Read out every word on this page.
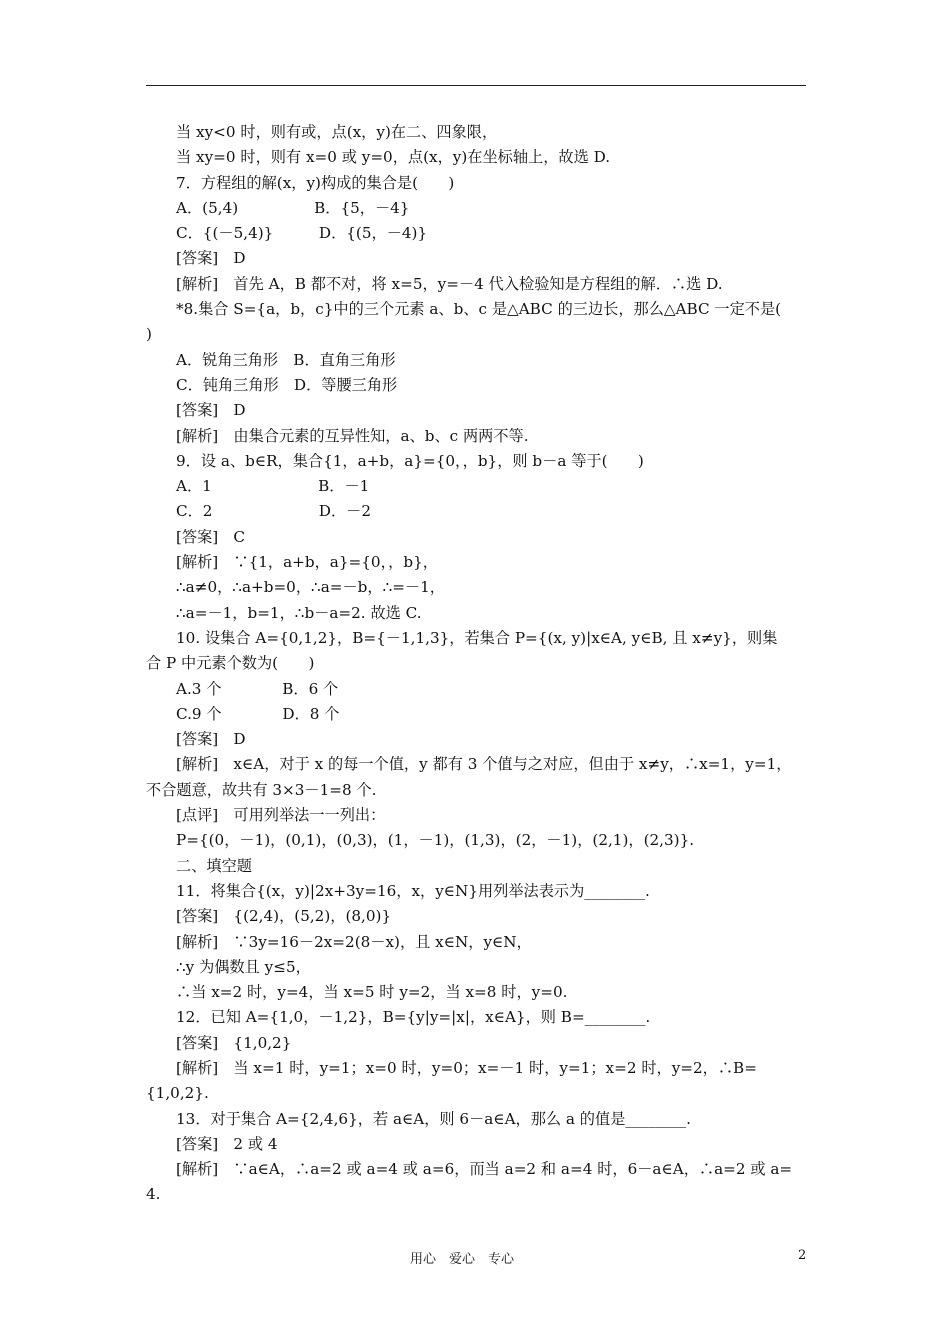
当 xy<0 时，则有或，点(x，y)在二、四象限，
当 xy=0 时，则有 x=0 或 y=0，点(x，y)在坐标轴上，故选 D.
7．方程组的解(x，y)构成的集合是(　　)
A．(5,4)　　　　　B．{5，－4}
C．{(－5,4)}　　　D．{(5，－4)}
[答案]　D
[解析]　首先 A，B 都不对，将 x=5，y=－4 代入检验知是方程组的解．∴选 D.
*8.集合 S={a，b，c}中的三个元素 a、b、c 是△ABC 的三边长，那么△ABC 一定不是(
)
A．锐角三角形　B．直角三角形
C．钝角三角形　D．等腰三角形
[答案]　D
[解析]　由集合元素的互异性知，a、b、c 两两不等.
9．设 a、b∈R，集合{1，a+b，a}={0，，b}，则 b－a 等于(　　)
A．1　　　　　　　B．－1
C．2　　　　　　　D．－2
[答案]　C
[解析]　∵{1，a+b，a}={0，，b}，
∴a≠0，∴a+b=0，∴a=－b，∴=－1，
∴a=－1，b=1，∴b－a=2. 故选 C.
10. 设集合 A={0,1,2}，B={－1,1,3}，若集合 P={(x, y)|x∈A, y∈B, 且 x≠y}，则集
合 P 中元素个数为(　　)
A.3 个　　　　B．6 个
C.9 个　　　　D．8 个
[答案]　D
[解析]　x∈A，对于 x 的每一个值，y 都有 3 个值与之对应，但由于 x≠y，∴x=1，y=1，
不合题意，故共有 3×3－1=8 个.
[点评]　可用列举法一一列出：
P={(0，－1)，(0,1)，(0,3)，(1，－1)，(1,3)，(2，－1)，(2,1)，(2,3)}.
二、填空题
11．将集合{(x，y)|2x+3y=16，x，y∈N}用列举法表示为________.
[答案]　{(2,4)，(5,2)，(8,0)}
[解析]　∵3y=16－2x=2(8－x)，且 x∈N，y∈N，
∴y 为偶数且 y≤5，
∴当 x=2 时，y=4，当 x=5 时 y=2，当 x=8 时，y=0.
12．已知 A={1,0，－1,2}，B={y|y=|x|，x∈A}，则 B=________.
[答案]　{1,0,2}
[解析]　当 x=1 时，y=1；x=0 时，y=0；x=－1 时，y=1；x=2 时，y=2，∴B=
{1,0,2}.
13．对于集合 A={2,4,6}，若 a∈A，则 6－a∈A，那么 a 的值是________.
[答案]　2 或 4
[解析]　∵a∈A，∴a=2 或 a=4 或 a=6，而当 a=2 和 a=4 时，6－a∈A，∴a=2 或 a=
4.
用心　爱心　专心	2
